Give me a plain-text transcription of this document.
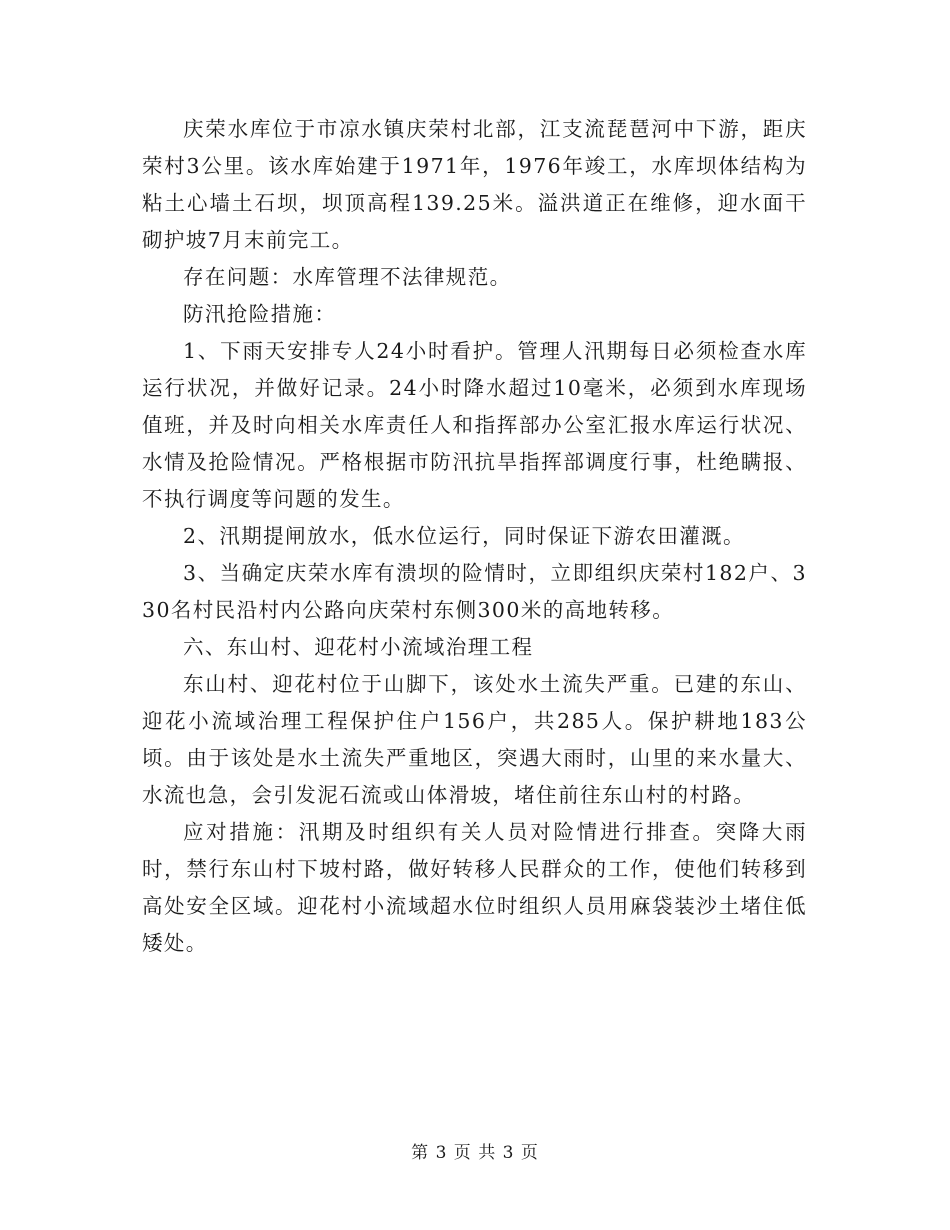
庆荣水库位于市凉水镇庆荣村北部，江支流琵琶河中下游，距庆荣村3公里。该水库始建于1971年，1976年竣工，水库坝体结构为粘土心墙土石坝，坝顶高程139.25米。溢洪道正在维修，迎水面干砌护坡7月末前完工。

存在问题：水库管理不法律规范。

防汛抢险措施：

1、下雨天安排专人24小时看护。管理人汛期每日必须检查水库运行状况，并做好记录。24小时降水超过10毫米，必须到水库现场值班，并及时向相关水库责任人和指挥部办公室汇报水库运行状况、水情及抢险情况。严格根据市防汛抗旱指挥部调度行事，杜绝瞒报、不执行调度等问题的发生。

2、汛期提闸放水，低水位运行，同时保证下游农田灌溉。

3、当确定庆荣水库有溃坝的险情时，立即组织庆荣村182户、330名村民沿村内公路向庆荣村东侧300米的高地转移。

六、东山村、迎花村小流域治理工程

东山村、迎花村位于山脚下，该处水土流失严重。已建的东山、迎花小流域治理工程保护住户156户，共285人。保护耕地183公顷。由于该处是水土流失严重地区，突遇大雨时，山里的来水量大、水流也急，会引发泥石流或山体滑坡，堵住前往东山村的村路。

应对措施：汛期及时组织有关人员对险情进行排查。突降大雨时，禁行东山村下坡村路，做好转移人民群众的工作，使他们转移到高处安全区域。迎花村小流域超水位时组织人员用麻袋装沙土堵住低矮处。

第 3 页 共 3 页
